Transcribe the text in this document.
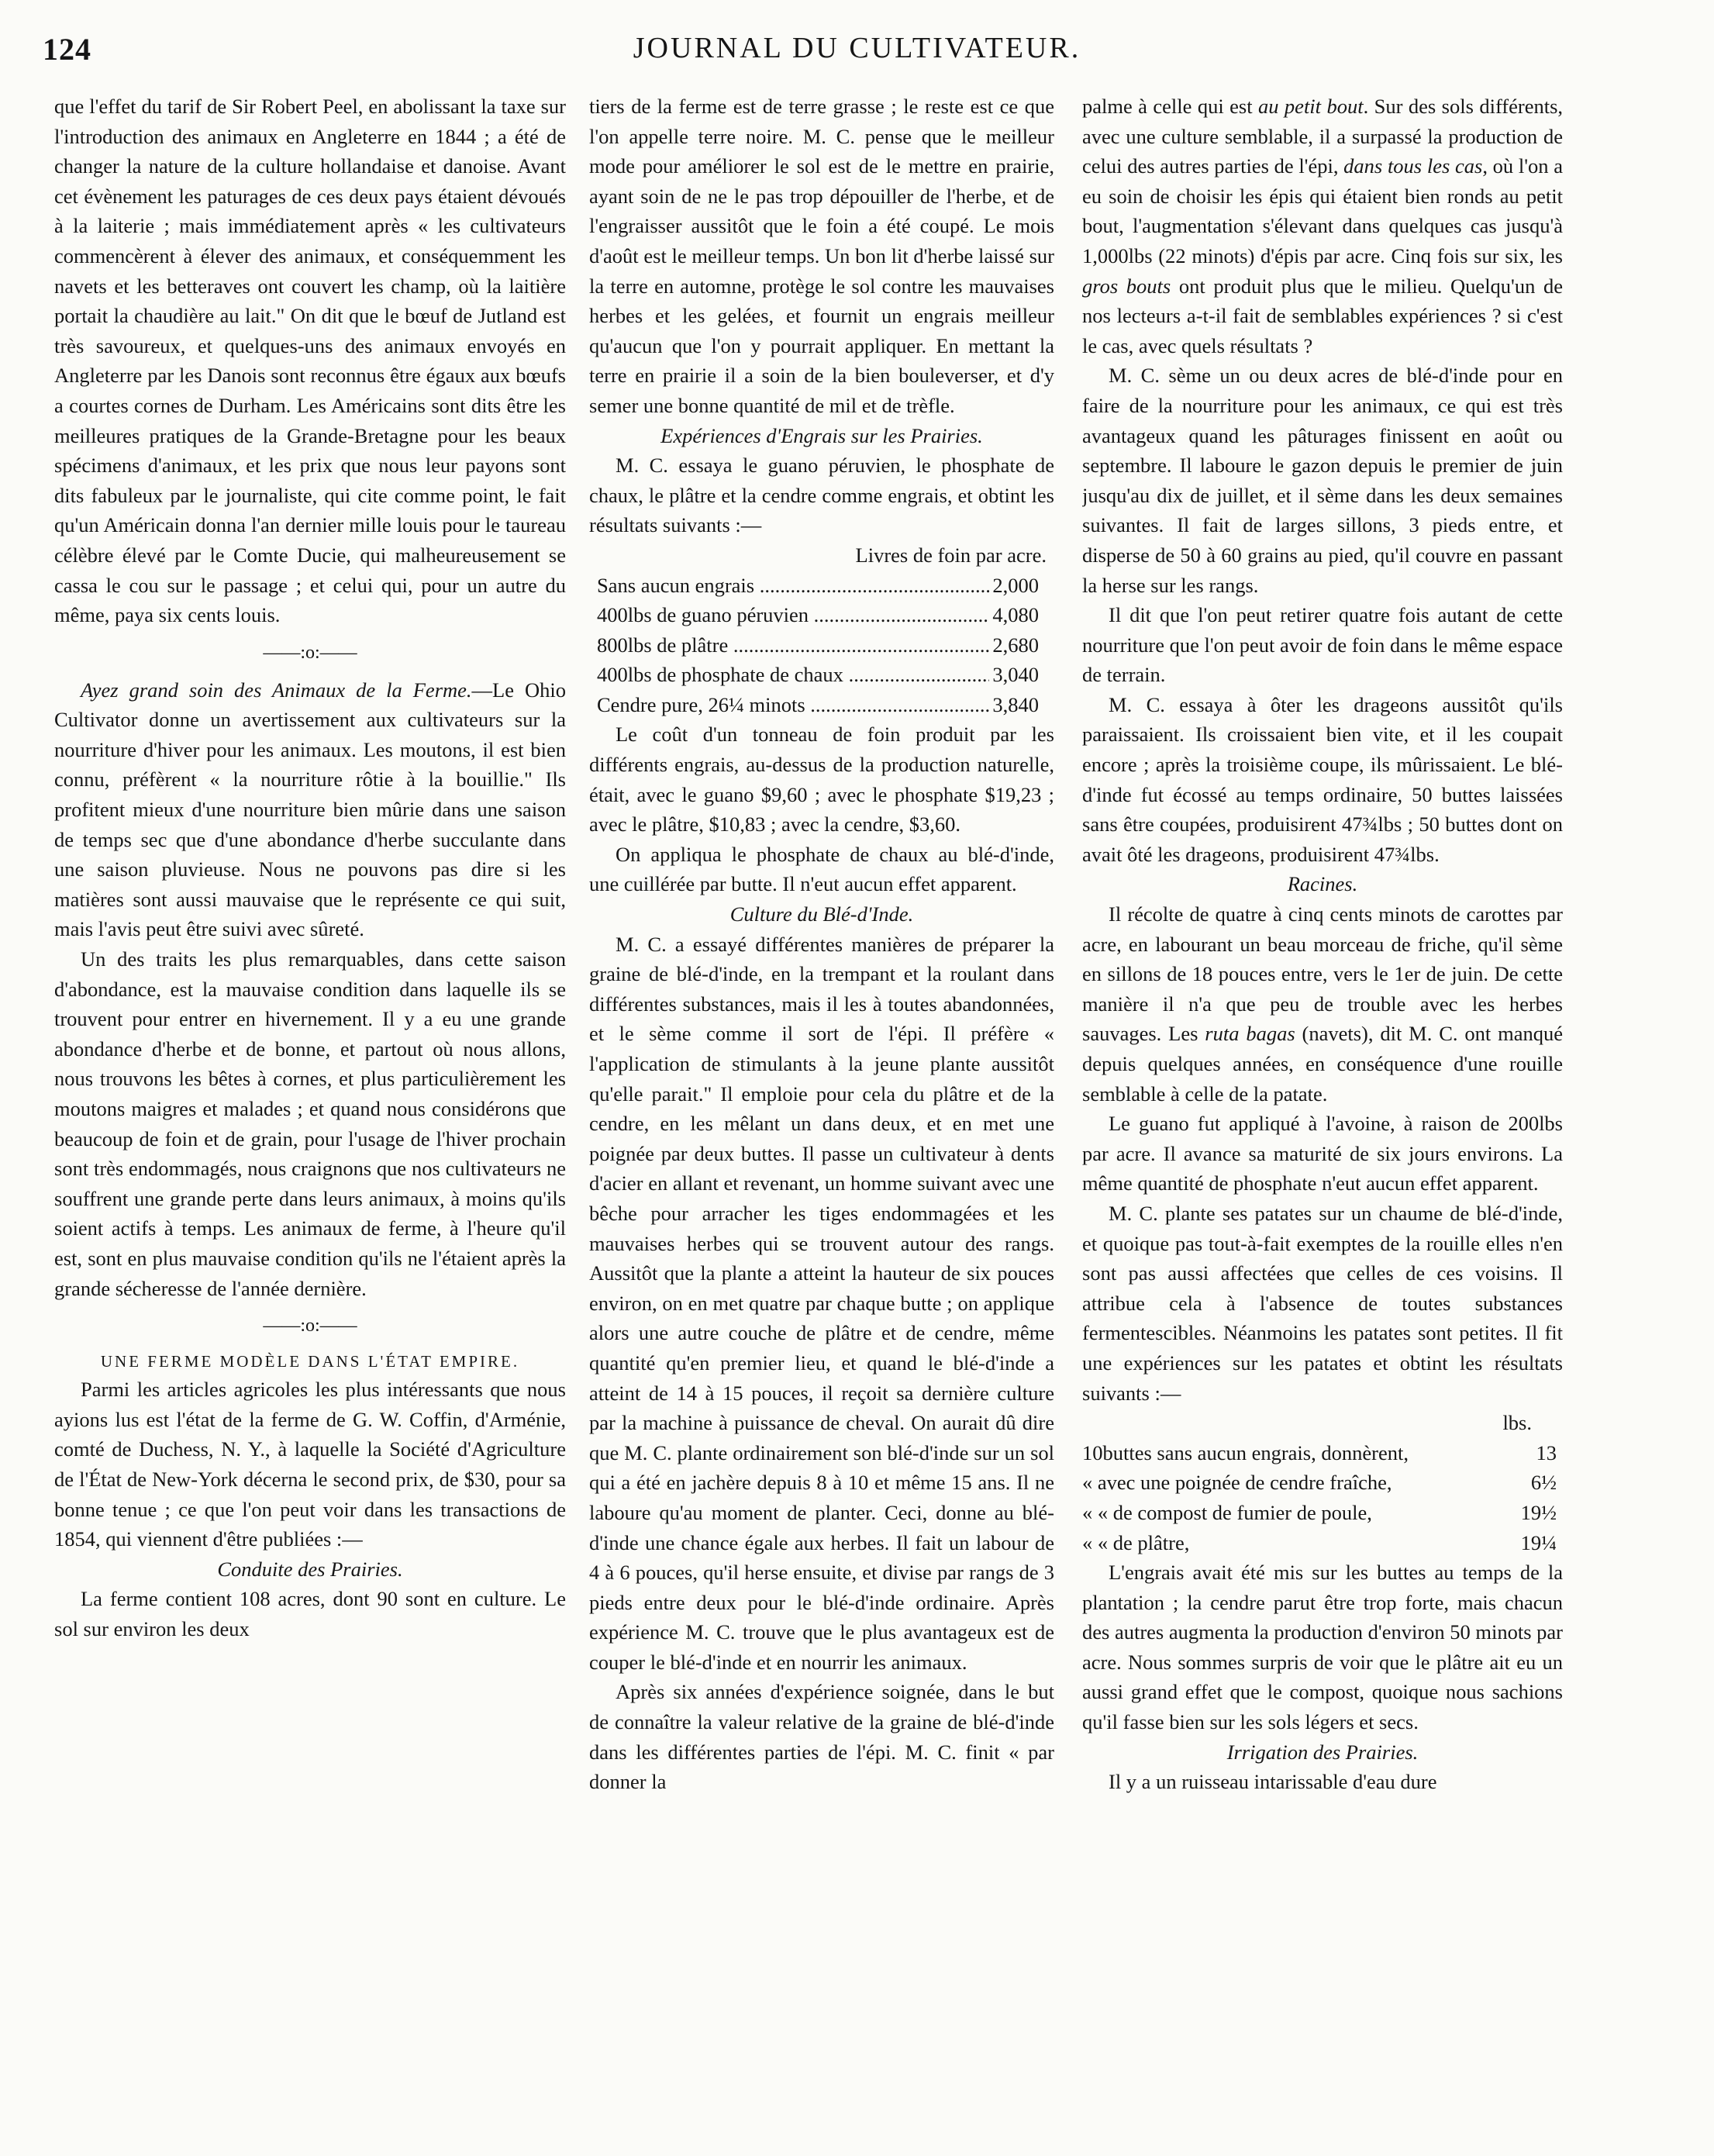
124	JOURNAL DU CULTIVATEUR.

que l'effet du tarif de Sir Robert Peel, en abolissant la taxe sur l'introduction des animaux en Angleterre en 1844 ; a été de changer la nature de la culture hollandaise et danoise. Avant cet évènement les paturages de ces deux pays étaient dévoués à la laiterie ; mais immédiatement après « les cultivateurs commencèrent à élever des animaux, et conséquemment les navets et les betteraves ont couvert les champ, où la laitière portait la chaudière au lait." On dit que le bœuf de Jutland est très savoureux, et quelques-uns des animaux envoyés en Angleterre par les Danois sont reconnus être égaux aux bœufs a courtes cornes de Durham. Les Américains sont dits être les meilleures pratiques de la Grande-Bretagne pour les beaux spécimens d'animaux, et les prix que nous leur payons sont dits fabuleux par le journaliste, qui cite comme point, le fait qu'un Américain donna l'an dernier mille louis pour le taureau célèbre élevé par le Comte Ducie, qui malheureusement se cassa le cou sur le passage ; et celui qui, pour un autre du même, paya six cents louis.

——:o:——

Ayez grand soin des Animaux de la Ferme.—Le Ohio Cultivator donne un avertissement aux cultivateurs sur la nourriture d'hiver pour les animaux. Les moutons, il est bien connu, préfèrent « la nourriture rôtie à la bouillie." Ils profitent mieux d'une nourriture bien mûrie dans une saison de temps sec que d'une abondance d'herbe succulante dans une saison pluvieuse. Nous ne pouvons pas dire si les matières sont aussi mauvaise que le représente ce qui suit, mais l'avis peut être suivi avec sûreté.

Un des traits les plus remarquables, dans cette saison d'abondance, est la mauvaise condition dans laquelle ils se trouvent pour entrer en hivernement. Il y a eu une grande abondance d'herbe et de bonne, et partout où nous allons, nous trouvons les bêtes à cornes, et plus particulièrement les moutons maigres et malades ; et quand nous considérons que beaucoup de foin et de grain, pour l'usage de l'hiver prochain sont très endommagés, nous craignons que nos cultivateurs ne souffrent une grande perte dans leurs animaux, à moins qu'ils soient actifs à temps. Les animaux de ferme, à l'heure qu'il est, sont en plus mauvaise condition qu'ils ne l'étaient après la grande sécheresse de l'année dernière.

——:o:——
UNE FERME MODÈLE DANS L'ÉTAT EMPIRE.

Parmi les articles agricoles les plus intéressants que nous ayions lus est l'état de la ferme de G. W. Coffin, d'Arménie, comté de Duchess, N. Y., à laquelle la Société d'Agriculture de l'État de New-York décerna le second prix, de $30, pour sa bonne tenue ; ce que l'on peut voir dans les transactions de 1854, qui viennent d'être publiées :—

Conduite des Prairies.

La ferme contient 108 acres, dont 90 sont en culture. Le sol sur environ les deux

tiers de la ferme est de terre grasse ; le reste est ce que l'on appelle terre noire. M. C. pense que le meilleur mode pour améliorer le sol est de le mettre en prairie, ayant soin de ne le pas trop dépouiller de l'herbe, et de l'engraisser aussitôt que le foin a été coupé. Le mois d'août est le meilleur temps. Un bon lit d'herbe laissé sur la terre en automne, protège le sol contre les mauvaises herbes et les gelées, et fournit un engrais meilleur qu'aucun que l'on y pourrait appliquer. En mettant la terre en prairie il a soin de la bien bouleverser, et d'y semer une bonne quantité de mil et de trèfle.

Expériences d'Engrais sur les Prairies.

M. C. essaya le guano péruvien, le phosphate de chaux, le plâtre et la cendre comme engrais, et obtint les résultats suivants :—

Livres de foin par acre.
Sans aucun engrais .....	2,000
400lbs de guano péruvien .....	4,080
800lbs de plâtre .....	2,680
400lbs de phosphate de chaux .....	3,040
Cendre pure, 26¼ minots .....	3,840

Le coût d'un tonneau de foin produit par les différents engrais, au-dessus de la production naturelle, était, avec le guano $9,60 ; avec le phosphate $19,23 ; avec le plâtre, $10,83 ; avec la cendre, $3,60.

On appliqua le phosphate de chaux au blé-d'inde, une cuillérée par butte. Il n'eut aucun effet apparent.

Culture du Blé-d'Inde.

M. C. a essayé différentes manières de préparer la graine de blé-d'inde, en la trempant et la roulant dans différentes substances, mais il les à toutes abandonnées, et le sème comme il sort de l'épi. Il préfère « l'application de stimulants à la jeune plante aussitôt qu'elle parait." Il emploie pour cela du plâtre et de la cendre, en les mêlant un dans deux, et en met une poignée par deux buttes. Il passe un cultivateur à dents d'acier en allant et revenant, un homme suivant avec une bêche pour arracher les tiges endommagées et les mauvaises herbes qui se trouvent autour des rangs. Aussitôt que la plante a atteint la hauteur de six pouces environ, on en met quatre par chaque butte ; on applique alors une autre couche de plâtre et de cendre, même quantité qu'en premier lieu, et quand le blé-d'inde a atteint de 14 à 15 pouces, il reçoit sa dernière culture par la machine à puissance de cheval. On aurait dû dire que M. C. plante ordinairement son blé-d'inde sur un sol qui a été en jachère depuis 8 à 10 et même 15 ans. Il ne laboure qu'au moment de planter. Ceci, donne au blé-d'inde une chance égale aux herbes. Il fait un labour de 4 à 6 pouces, qu'il herse ensuite, et divise par rangs de 3 pieds entre deux pour le blé-d'inde ordinaire. Après expérience M. C. trouve que le plus avantageux est de couper le blé-d'inde et en nourrir les animaux.

Après six années d'expérience soignée, dans le but de connaître la valeur relative de la graine de blé-d'inde dans les différentes parties de l'épi. M. C. finit « par donner la

palme à celle qui est au petit bout. Sur des sols différents, avec une culture semblable, il a surpassé la production de celui des autres parties de l'épi, dans tous les cas, où l'on a eu soin de choisir les épis qui étaient bien ronds au petit bout, l'augmentation s'élevant dans quelques cas jusqu'à 1,000lbs (22 minots) d'épis par acre. Cinq fois sur six, les gros bouts ont produit plus que le milieu. Quelqu'un de nos lecteurs a-t-il fait de semblables expériences ? si c'est le cas, avec quels résultats ?

M. C. sème un ou deux acres de blé-d'inde pour en faire de la nourriture pour les animaux, ce qui est très avantageux quand les pâturages finissent en août ou septembre. Il laboure le gazon depuis le premier de juin jusqu'au dix de juillet, et il sème dans les deux semaines suivantes. Il fait de larges sillons, 3 pieds entre, et disperse de 50 à 60 grains au pied, qu'il couvre en passant la herse sur les rangs.

Il dit que l'on peut retirer quatre fois autant de cette nourriture que l'on peut avoir de foin dans le même espace de terrain.

M. C. essaya à ôter les drageons aussitôt qu'ils paraissaient. Ils croissaient bien vite, et il les coupait encore ; après la troisième coupe, ils mûrissaient. Le blé-d'inde fut écossé au temps ordinaire, 50 buttes laissées sans être coupées, produisirent 47¾lbs ; 50 buttes dont on avait ôté les drageons, produisirent 47¾lbs.

Racines.

Il récolte de quatre à cinq cents minots de carottes par acre, en labourant un beau morceau de friche, qu'il sème en sillons de 18 pouces entre, vers le 1er de juin. De cette manière il n'a que peu de trouble avec les herbes sauvages. Les ruta bagas (navets), dit M. C. ont manqué depuis quelques années, en conséquence d'une rouille semblable à celle de la patate.

Le guano fut appliqué à l'avoine, à raison de 200lbs par acre. Il avance sa maturité de six jours environs. La même quantité de phosphate n'eut aucun effet apparent.

M. C. plante ses patates sur un chaume de blé-d'inde, et quoique pas tout-à-fait exemptes de la rouille elles n'en sont pas aussi affectées que celles de ces voisins. Il attribue cela à l'absence de toutes substances fermentescibles. Néanmoins les patates sont petites. Il fit une expériences sur les patates et obtint les résultats suivants :—

lbs.
10buttes sans aucun engrais, donnèrent,	13
« avec une poignée de cendre fraîche,	6½
« « de compost de fumier de poule,	19½
« « de plâtre,	19¼

L'engrais avait été mis sur les buttes au temps de la plantation ; la cendre parut être trop forte, mais chacun des autres augmenta la production d'environ 50 minots par acre. Nous sommes surpris de voir que le plâtre ait eu un aussi grand effet que le compost, quoique nous sachions qu'il fasse bien sur les sols légers et secs.

Irrigation des Prairies.

Il y a un ruisseau intarissable d'eau dure
